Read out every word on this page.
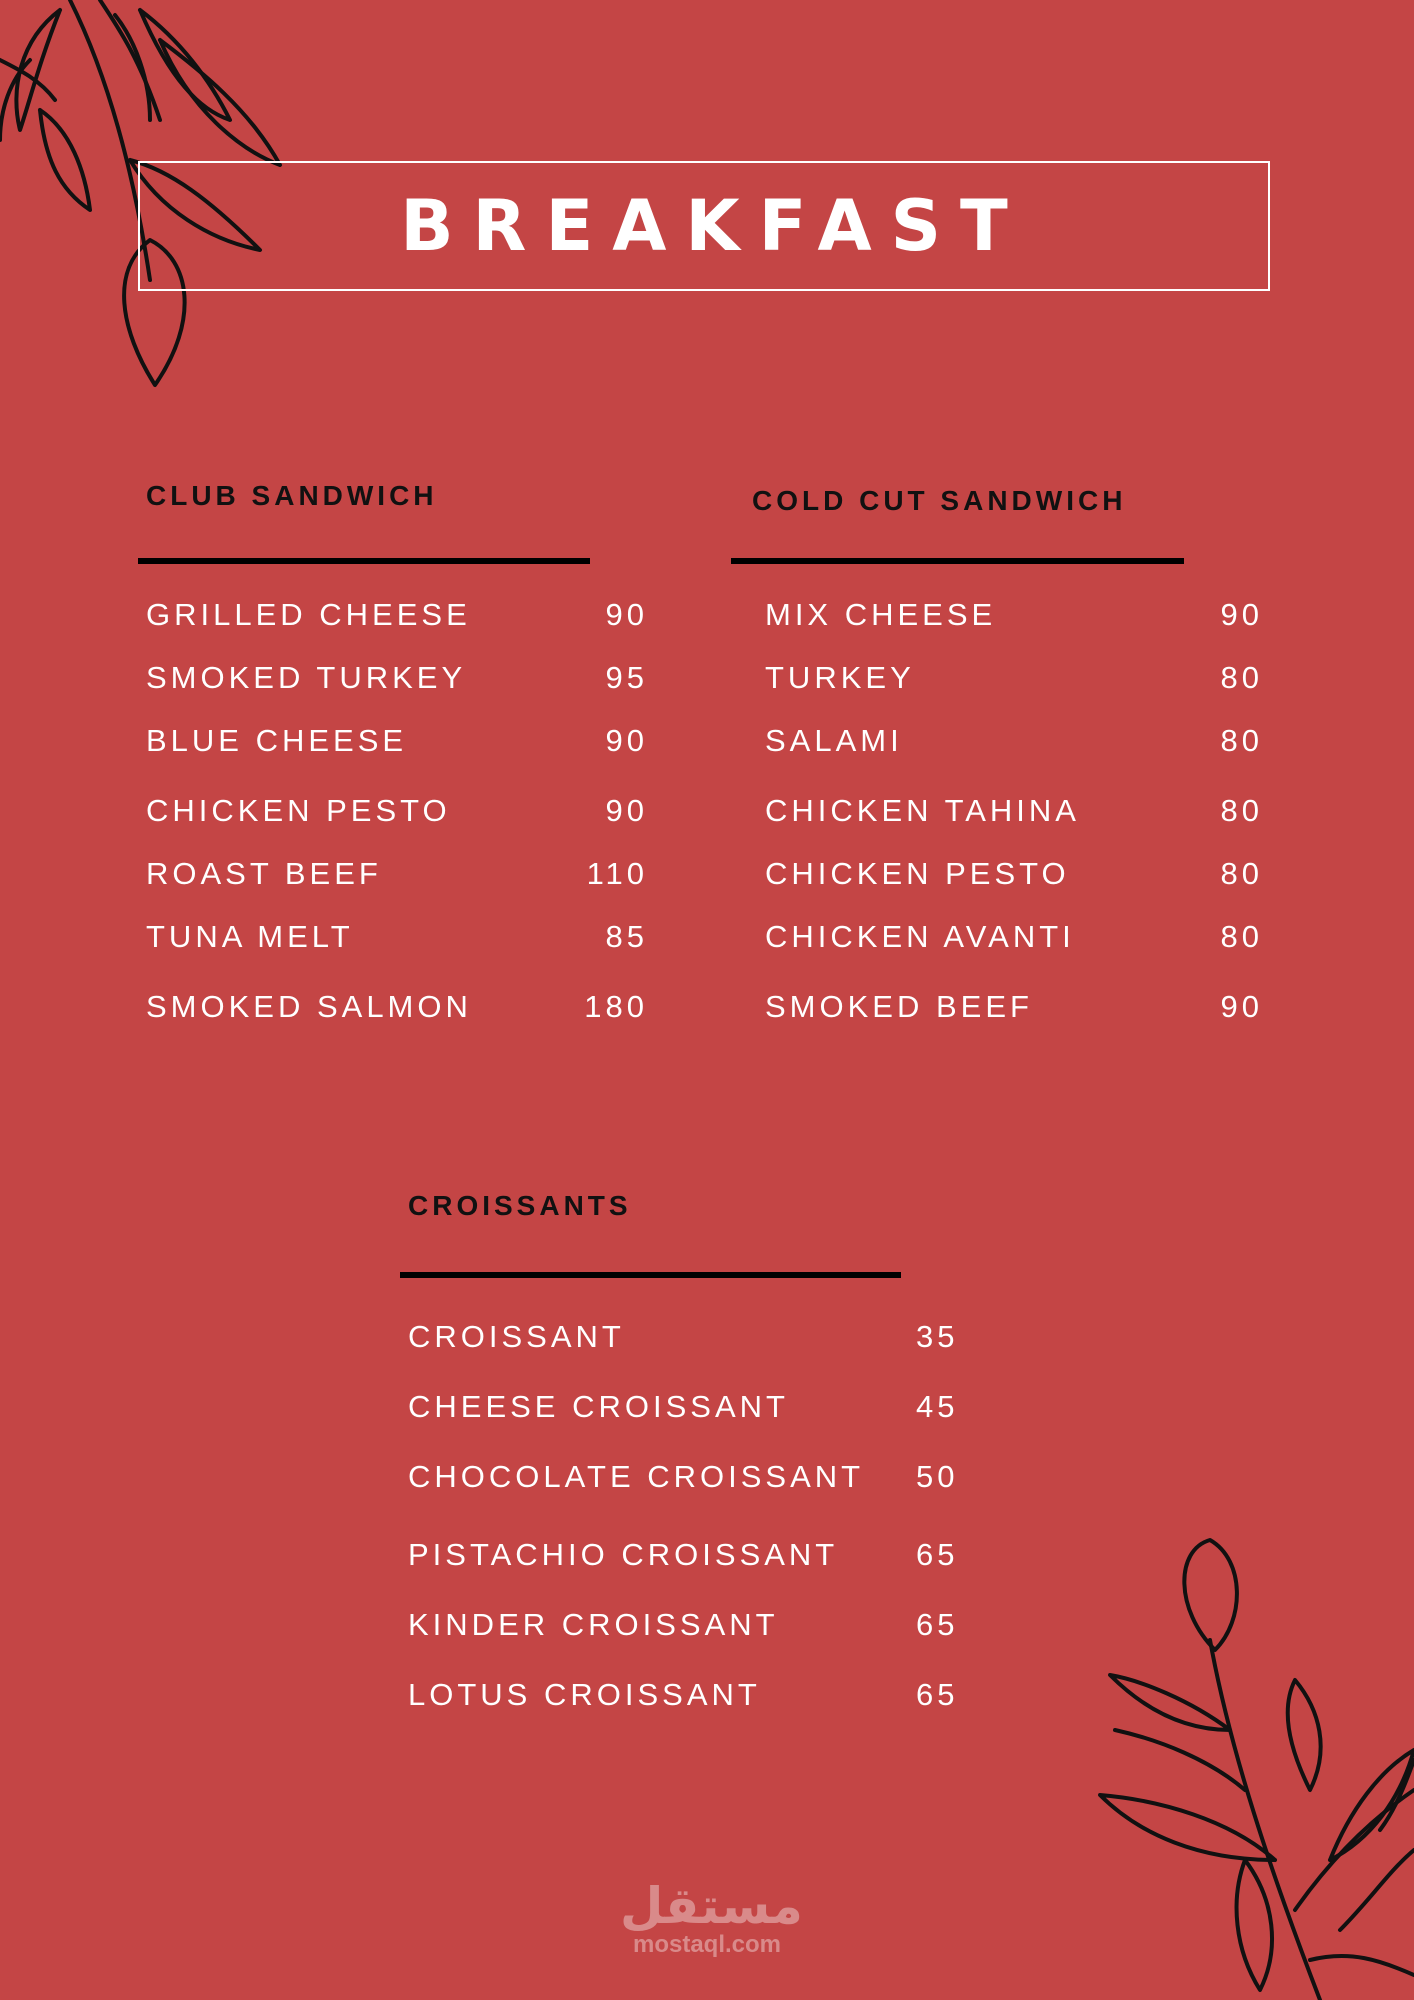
BREAKFAST
CLUB SANDWICH
GRILLED CHEESE	90
SMOKED TURKEY	95
BLUE CHEESE	90
CHICKEN PESTO	90
ROAST BEEF	110
TUNA MELT	85
SMOKED SALMON	180
COLD CUT SANDWICH
MIX CHEESE	90
TURKEY	80
SALAMI	80
CHICKEN TAHINA	80
CHICKEN PESTO	80
CHICKEN AVANTI	80
SMOKED BEEF	90
CROISSANTS
CROISSANT	35
CHEESE CROISSANT	45
CHOCOLATE CROISSANT 50
PISTACHIO CROISSANT	65
KINDER CROISSANT	65
LOTUS CROISSANT	65
مستقل
mostaql.com
